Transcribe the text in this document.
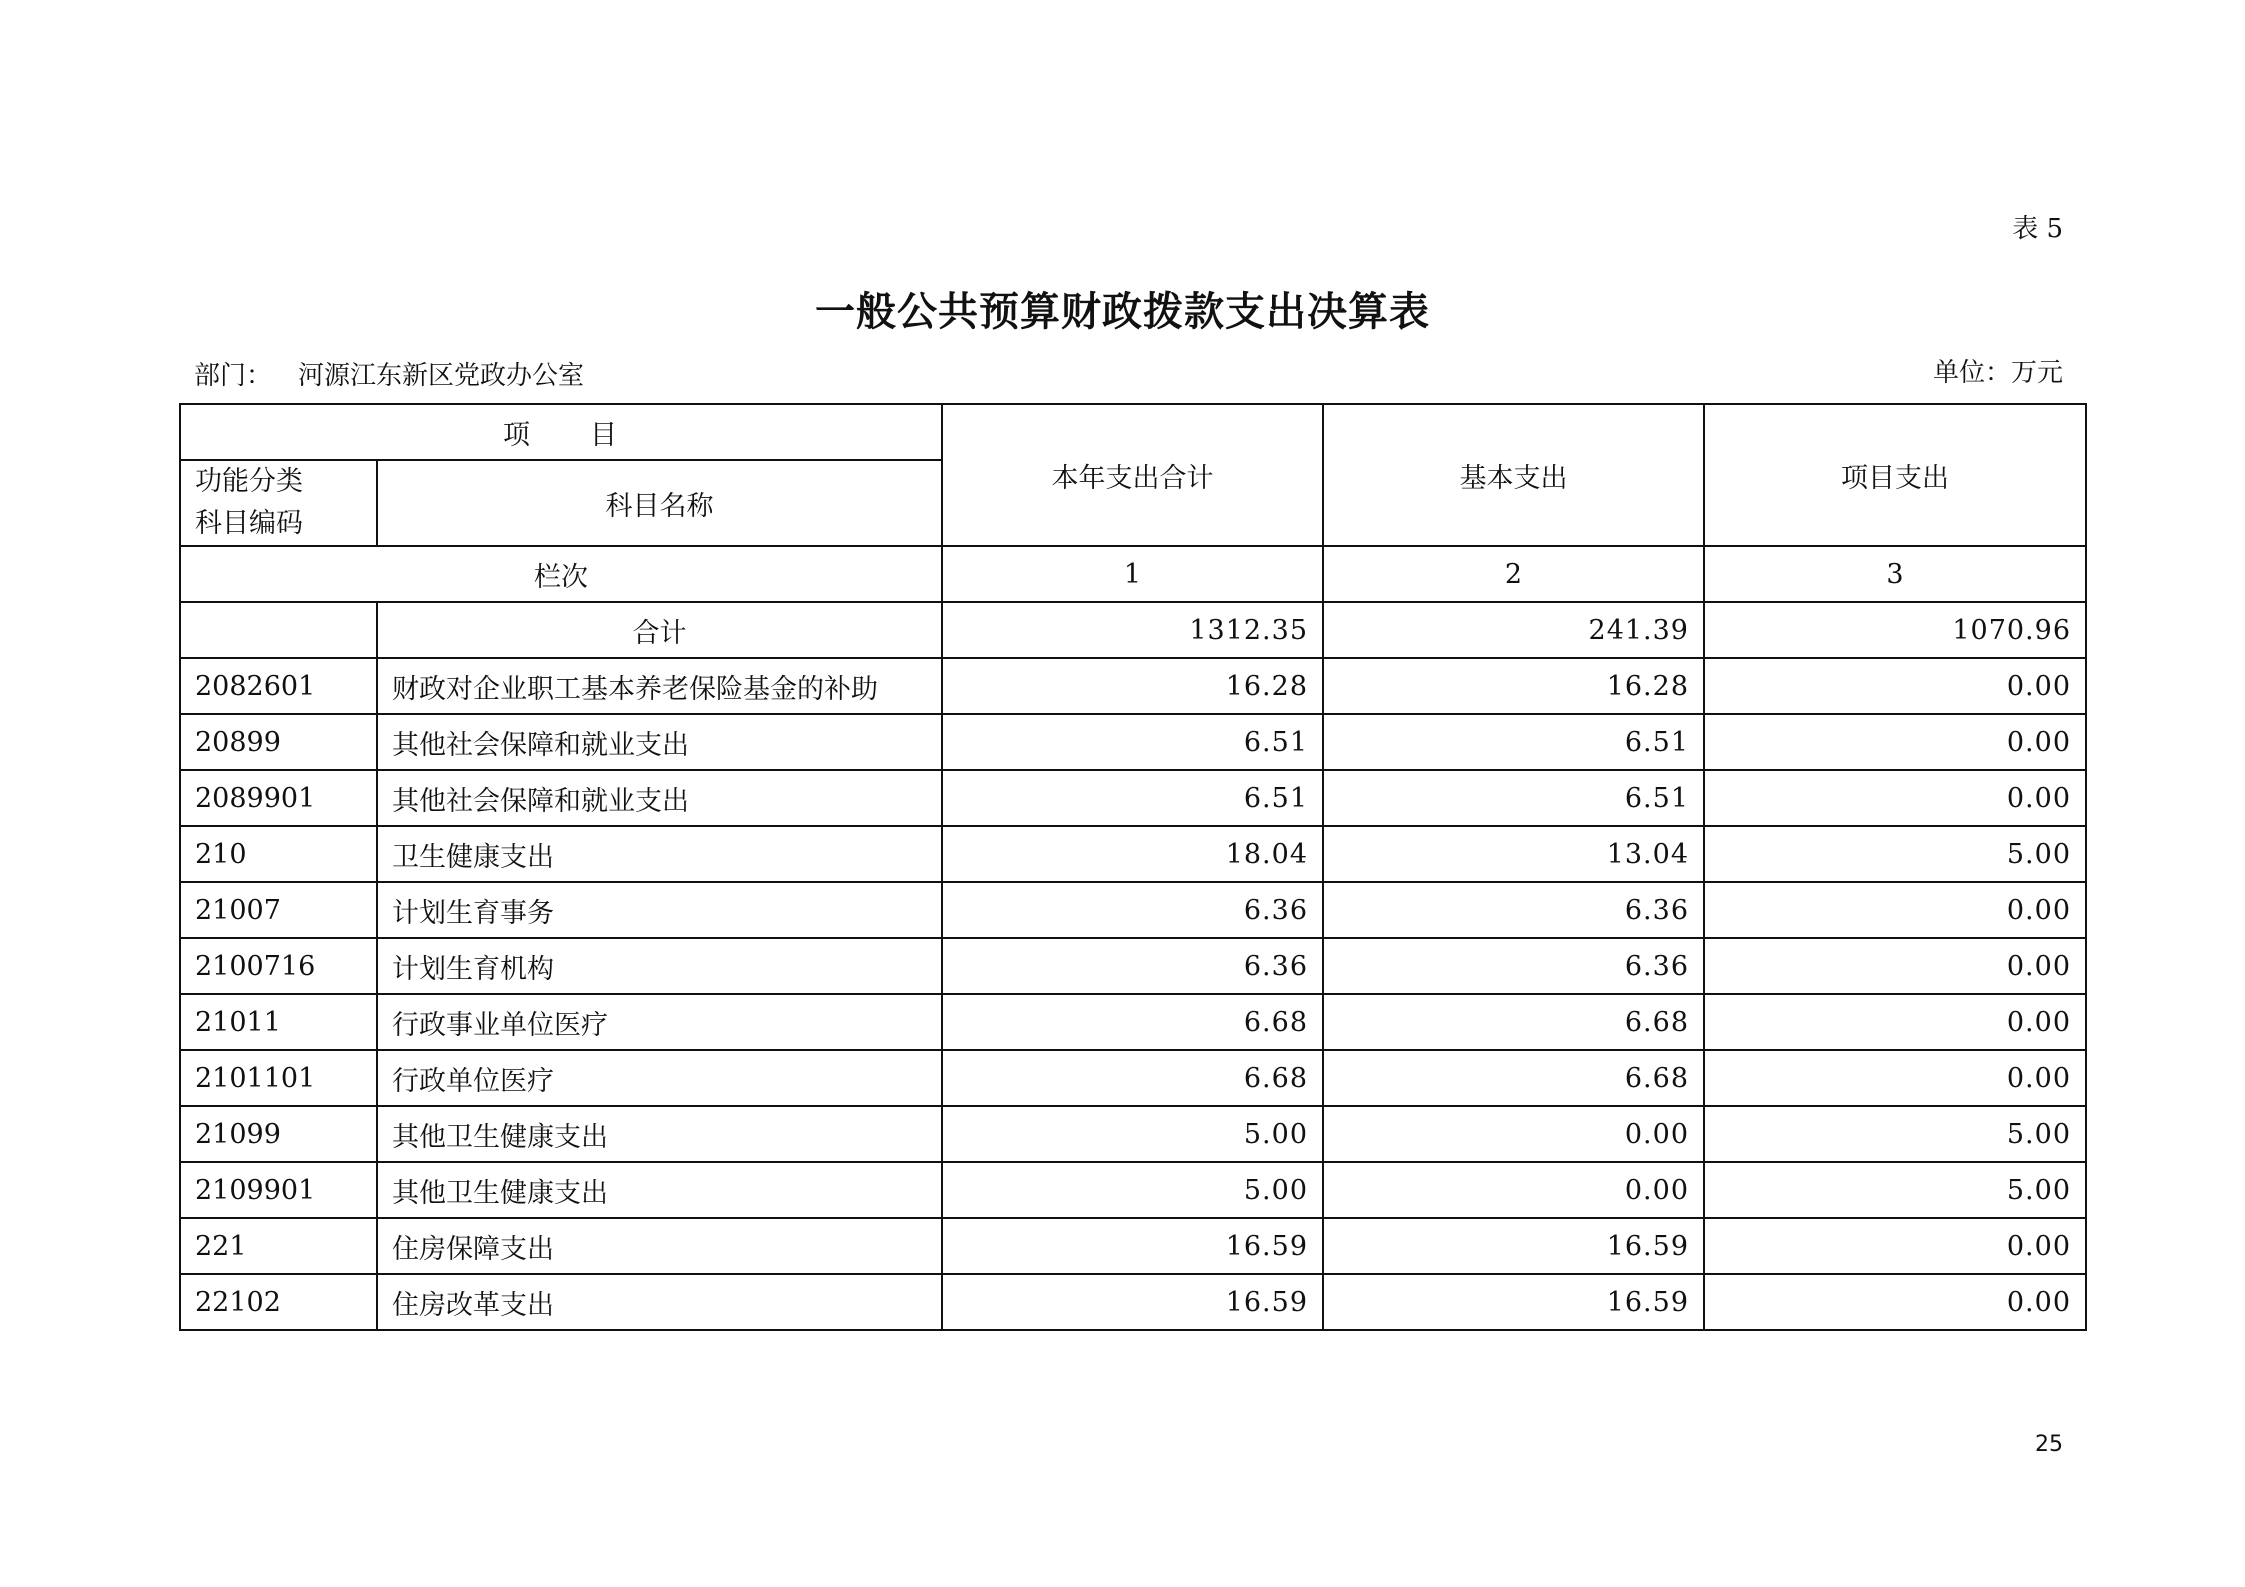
表 5
一般公共预算财政拨款支出决算表
部门： 河源江东新区党政办公室	单位：万元
项　　目		本年支出合计	基本支出	项目支出

功能分类
科目编码	科目名称			
栏次		1	2	3
	合计	1312.35	241.39	1070.96
2082601	财政对企业职工基本养老保险基金的补助	16.28	16.28	0.00
20899	其他社会保障和就业支出	6.51	6.51	0.00
2089901	其他社会保障和就业支出	6.51	6.51	0.00
210	卫生健康支出	18.04	13.04	5.00
21007	计划生育事务	6.36	6.36	0.00
2100716	计划生育机构	6.36	6.36	0.00
21011	行政事业单位医疗	6.68	6.68	0.00
2101101	行政单位医疗	6.68	6.68	0.00
21099	其他卫生健康支出	5.00	0.00	5.00
2109901	其他卫生健康支出	5.00	0.00	5.00
221	住房保障支出	16.59	16.59	0.00
22102	住房改革支出	16.59	16.59	0.00
25
